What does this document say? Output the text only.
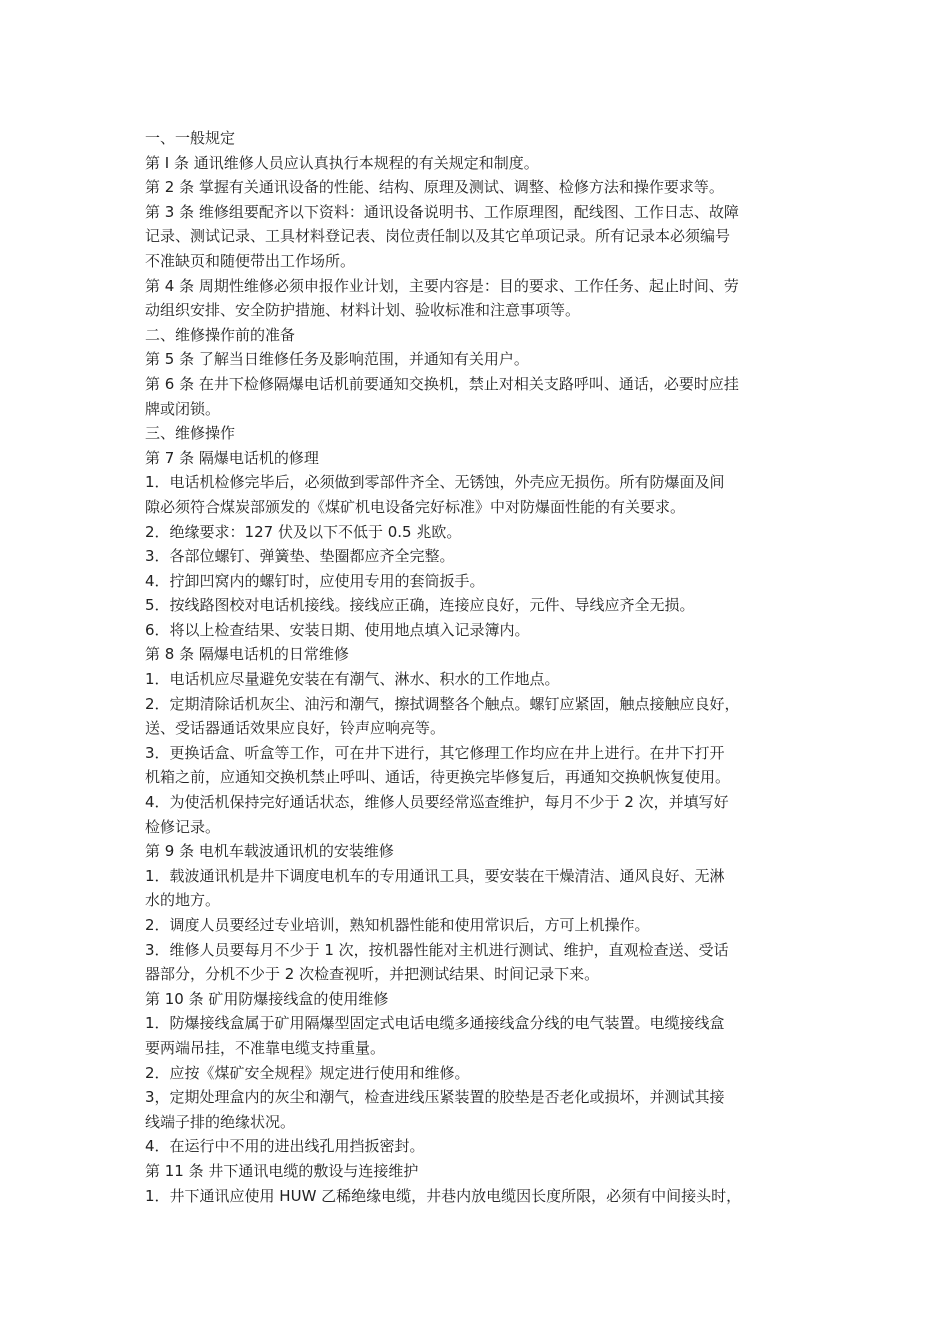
一、一般规定
第 I 条 通讯维修人员应认真执行本规程的有关规定和制度。
第 2 条 掌握有关通讯设备的性能、结构、原理及测试、调整、检修方法和操作要求等。
第 3 条 维修组要配齐以下资料：通讯设备说明书、工作原理图，配线图、工作日志、故障
记录、测试记录、工具材料登记表、岗位责任制以及其它单项记录。所有记录本必须编号
不准缺页和随便带出工作场所。
第 4 条 周期性维修必须申报作业计划，主要内容是：目的要求、工作任务、起止时间、劳
动组织安排、安全防护措施、材料计划、验收标准和注意事项等。
二、维修操作前的准备
第 5 条 了解当日维修任务及影响范围，并通知有关用户。
第 6 条 在井下检修隔爆电话机前要通知交换机，禁止对相关支路呼叫、通话，必要时应挂
牌或闭锁。
三、维修操作
第 7 条 隔爆电话机的修理
1．电话机检修完毕后，必须做到零部件齐全、无锈蚀，外壳应无损伤。所有防爆面及间
隙必须符合煤炭部颁发的《煤矿机电设备完好标准》中对防爆面性能的有关要求。
2．绝缘要求：127 伏及以下不低于 0.5 兆欧。
3．各部位螺钉、弹簧垫、垫圈都应齐全完整。
4．拧卸凹窝内的螺钉时，应使用专用的套筒扳手。
5．按线路图校对电话机接线。接线应正确，连接应良好，元件、导线应齐全无损。
6．将以上检查结果、安装日期、使用地点填入记录簿内。
第 8 条 隔爆电话机的日常维修
1．电话机应尽量避免安装在有潮气、淋水、积水的工作地点。
2．定期清除话机灰尘、油污和潮气，擦拭调整各个触点。螺钉应紧固，触点接触应良好，
送、受话器通话效果应良好，铃声应响亮等。
3．更换话盒、听盒等工作，可在井下进行，其它修理工作均应在井上进行。在井下打开
机箱之前，应通知交换机禁止呼叫、通话，待更换完毕修复后，再通知交换帆恢复使用。
4．为使活机保持完好通话状态，维修人员要经常巡查维护，每月不少于 2 次，并填写好
检修记录。
第 9 条 电机车载波通讯机的安装维修
1．载波通讯机是井下调度电机车的专用通讯工具，要安装在干燥清洁、通风良好、无淋
水的地方。
2．调度人员要经过专业培训，熟知机器性能和使用常识后，方可上机操作。
3．维修人员要每月不少于 1 次，按机器性能对主机进行测试、维护，直观检查送、受话
器部分，分机不少于 2 次检查视听，并把测试结果、时间记录下来。
第 10 条 矿用防爆接线盒的使用维修
1．防爆接线盒属于矿用隔爆型固定式电话电缆多通接线盒分线的电气装置。电缆接线盒
要两端吊挂，不准靠电缆支持重量。
2．应按《煤矿安全规程》规定进行使用和维修。
3，定期处理盒内的灰尘和潮气，检查进线压紧装置的胶垫是否老化或损坏，并测试其接
线端子排的绝缘状况。
4．在运行中不用的进出线孔用挡扳密封。
第 11 条 井下通讯电缆的敷设与连接维护
1．井下通讯应使用 HUW 乙稀绝缘电缆，井巷内放电缆因长度所限，必须有中间接头时，
